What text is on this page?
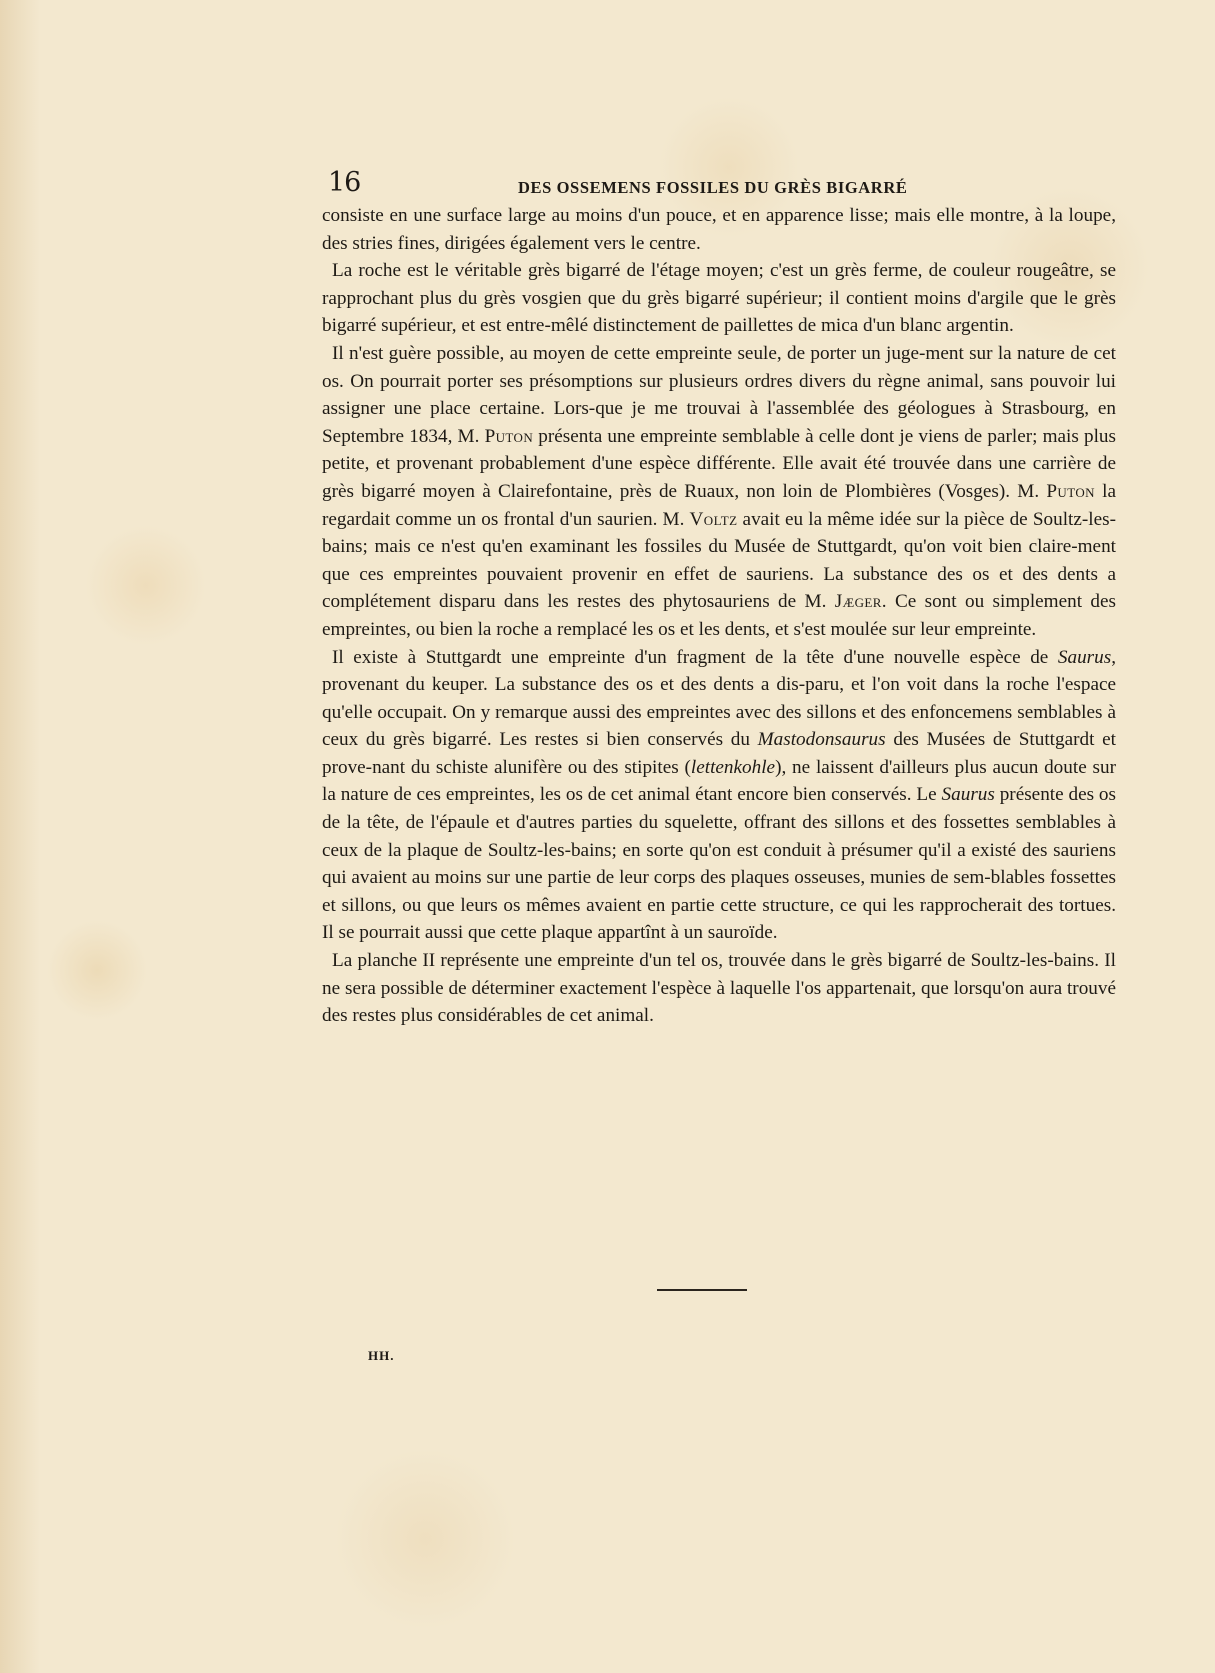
16	DES OSSEMENS FOSSILES DU GRÈS BIGARRÉ

consiste en une surface large au moins d'un pouce, et en apparence lisse; mais elle montre, à la loupe, des stries fines, dirigées également vers le centre.

La roche est le véritable grès bigarré de l'étage moyen; c'est un grès ferme, de couleur rougeâtre, se rapprochant plus du grès vosgien que du grès bigarré supérieur; il contient moins d'argile que le grès bigarré supérieur, et est entre-mêlé distinctement de paillettes de mica d'un blanc argentin.

Il n'est guère possible, au moyen de cette empreinte seule, de porter un juge-ment sur la nature de cet os. On pourrait porter ses présomptions sur plusieurs ordres divers du règne animal, sans pouvoir lui assigner une place certaine. Lors-que je me trouvai à l'assemblée des géologues à Strasbourg, en Septembre 1834, M. Puton présenta une empreinte semblable à celle dont je viens de parler; mais plus petite, et provenant probablement d'une espèce différente. Elle avait été trouvée dans une carrière de grès bigarré moyen à Clairefontaine, près de Ruaux, non loin de Plombières (Vosges). M. Puton la regardait comme un os frontal d'un saurien. M. Voltz avait eu la même idée sur la pièce de Soultz-les-bains; mais ce n'est qu'en examinant les fossiles du Musée de Stuttgardt, qu'on voit bien claire-ment que ces empreintes pouvaient provenir en effet de sauriens. La substance des os et des dents a complétement disparu dans les restes des phytosauriens de M. Jæger. Ce sont ou simplement des empreintes, ou bien la roche a remplacé les os et les dents, et s'est moulée sur leur empreinte.

Il existe à Stuttgardt une empreinte d'un fragment de la tête d'une nouvelle espèce de Saurus, provenant du keuper. La substance des os et des dents a dis-paru, et l'on voit dans la roche l'espace qu'elle occupait. On y remarque aussi des empreintes avec des sillons et des enfoncemens semblables à ceux du grès bigarré. Les restes si bien conservés du Mastodonsaurus des Musées de Stuttgardt et prove-nant du schiste alunifère ou des stipites (lettenkohle), ne laissent d'ailleurs plus aucun doute sur la nature de ces empreintes, les os de cet animal étant encore bien conservés. Le Saurus présente des os de la tête, de l'épaule et d'autres parties du squelette, offrant des sillons et des fossettes semblables à ceux de la plaque de Soultz-les-bains; en sorte qu'on est conduit à présumer qu'il a existé des sauriens qui avaient au moins sur une partie de leur corps des plaques osseuses, munies de sem-blables fossettes et sillons, ou que leurs os mêmes avaient en partie cette structure, ce qui les rapprocherait des tortues. Il se pourrait aussi que cette plaque appartînt à un sauroïde.

La planche II représente une empreinte d'un tel os, trouvée dans le grès bigarré de Soultz-les-bains. Il ne sera possible de déterminer exactement l'espèce à laquelle l'os appartenait, que lorsqu'on aura trouvé des restes plus considérables de cet animal.

HH.
